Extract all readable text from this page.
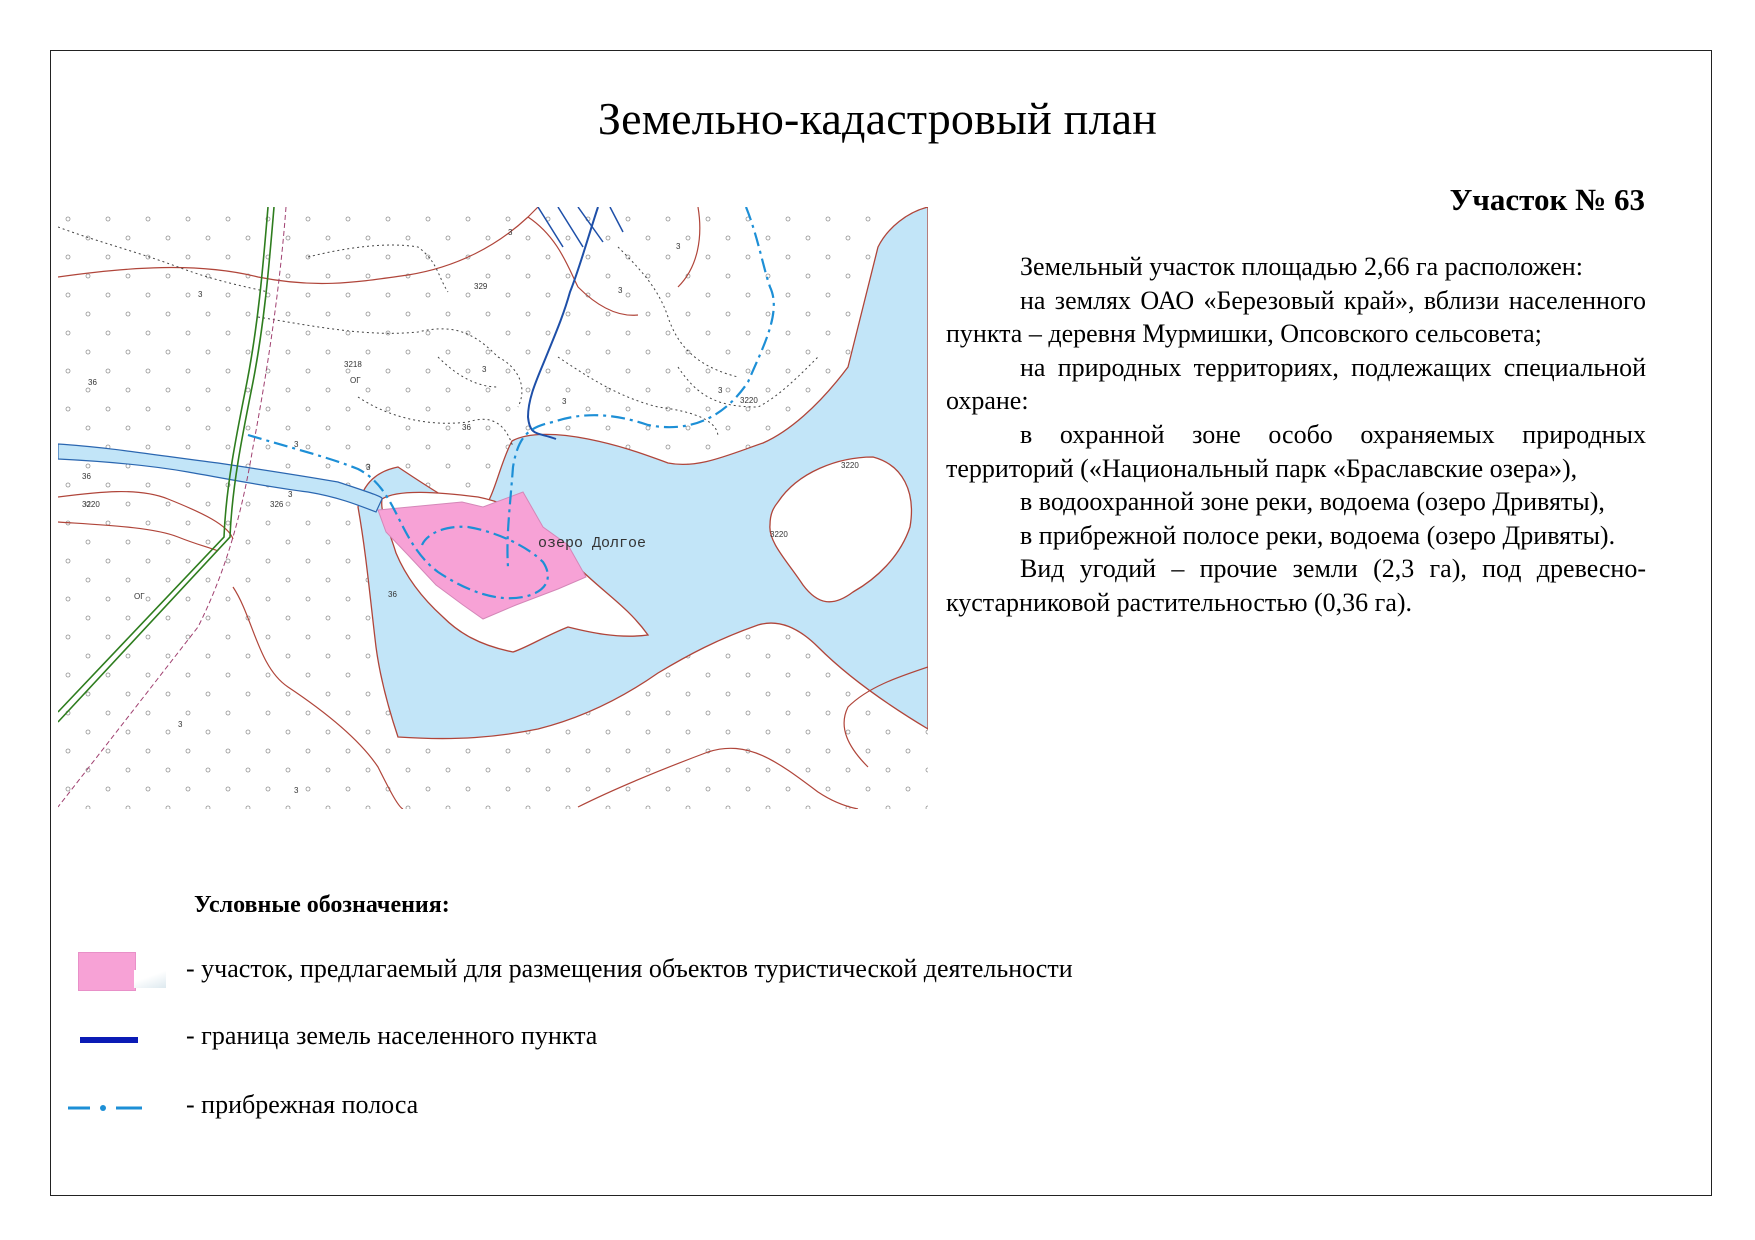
Земельно-кадастровый план
озеро Долгое
3
36
3
329
3218
ОГ
3
36
3	3220
3	3220
326
3
36
3220
3
3220
ОГ
3
3
36
3
3
3
Участок № 63

Земельный участок площадью 2,66 га расположен:

на землях ОАО «Березовый край», вблизи населенного пункта – деревня Мурмишки, Опсовского сельсовета;

на природных территориях, подлежащих специальной охране:

в охранной зоне особо охраняемых природных территорий («Национальный парк «Браславские озера»),

в водоохранной зоне реки, водоема (озеро Дривяты),

в прибрежной полосе реки, водоема (озеро Дривяты).

Вид угодий – прочие земли (2,3 га), под древесно-кустарниковой растительностью (0,36 га).

Условные обозначения:
- участок, предлагаемый для размещения объектов туристической деятельности
- граница земель населенного пункта
- прибрежная полоса
